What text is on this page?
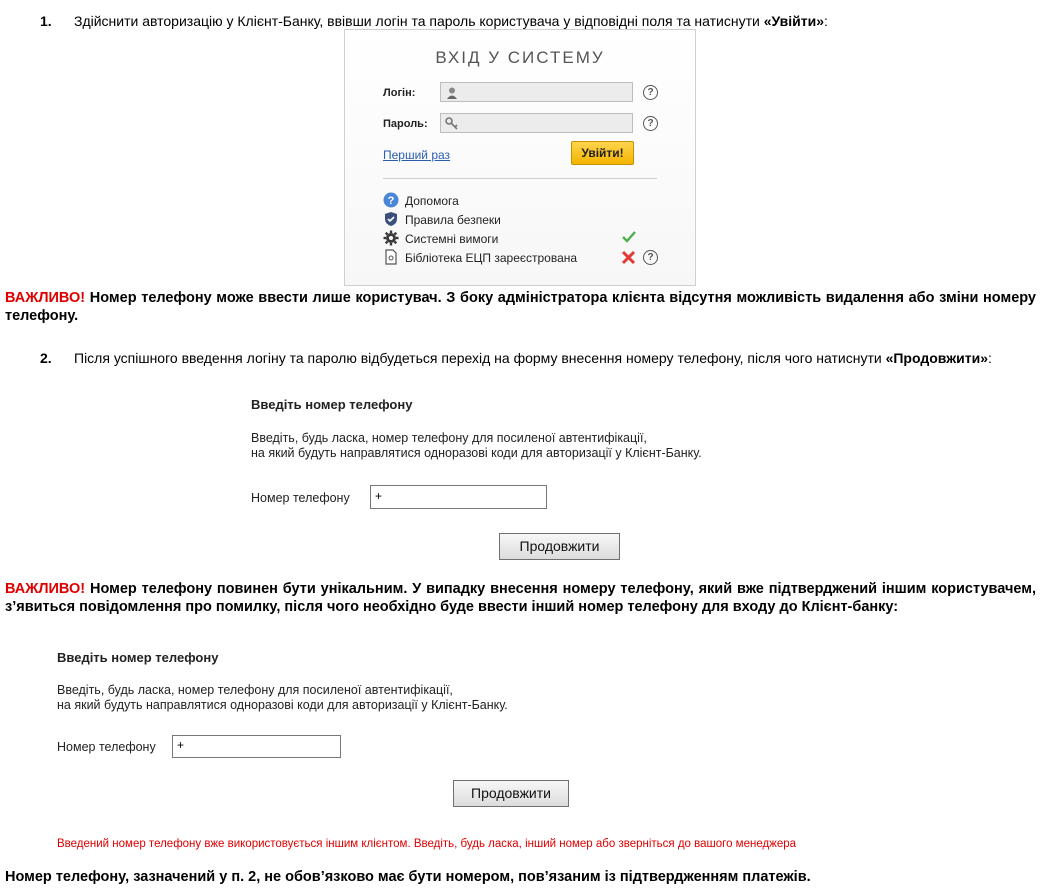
1. Здійснити авторизацію у Клієнт-Банку, ввівши логін та пароль користувача у відповідні поля та натиснути «Увійти»:
ВХІД У СИСТЕМУ
Логін:	?
Пароль:	?
Перший раз	Увійти!
? Допомога
Правила безпеки
Системні вимоги
Бібліотека ЕЦП зареєстрована	?
ВАЖЛИВО! Номер телефону може ввести лише користувач. З боку адміністратора клієнта відсутня можливість видалення або зміни номеру телефону.
2. Після успішного введення логіну та паролю відбудеться перехід на форму внесення номеру телефону, після чого натиснути «Продовжити»:
Введіть номер телефону
Введіть, будь ласка, номер телефону для посиленої автентифікації,
на який будуть направлятися одноразові коди для авторизації у Клієнт-Банку.
Номер телефону	+
Продовжити
ВАЖЛИВО! Номер телефону повинен бути унікальним. У випадку внесення номеру телефону, який вже підтверджений іншим користувачем, з’явиться повідомлення про помилку, після чого необхідно буде ввести інший номер телефону для входу до Клієнт-банку:
Введіть номер телефону
Введіть, будь ласка, номер телефону для посиленої автентифікації,
на який будуть направлятися одноразові коди для авторизації у Клієнт-Банку.
Номер телефону	+
Продовжити
Введений номер телефону вже використовується іншим клієнтом. Введіть, будь ласка, інший номер або зверніться до вашого менеджера
Номер телефону, зазначений у п. 2, не обов’язково має бути номером, пов’язаним із підтвердженням платежів.
